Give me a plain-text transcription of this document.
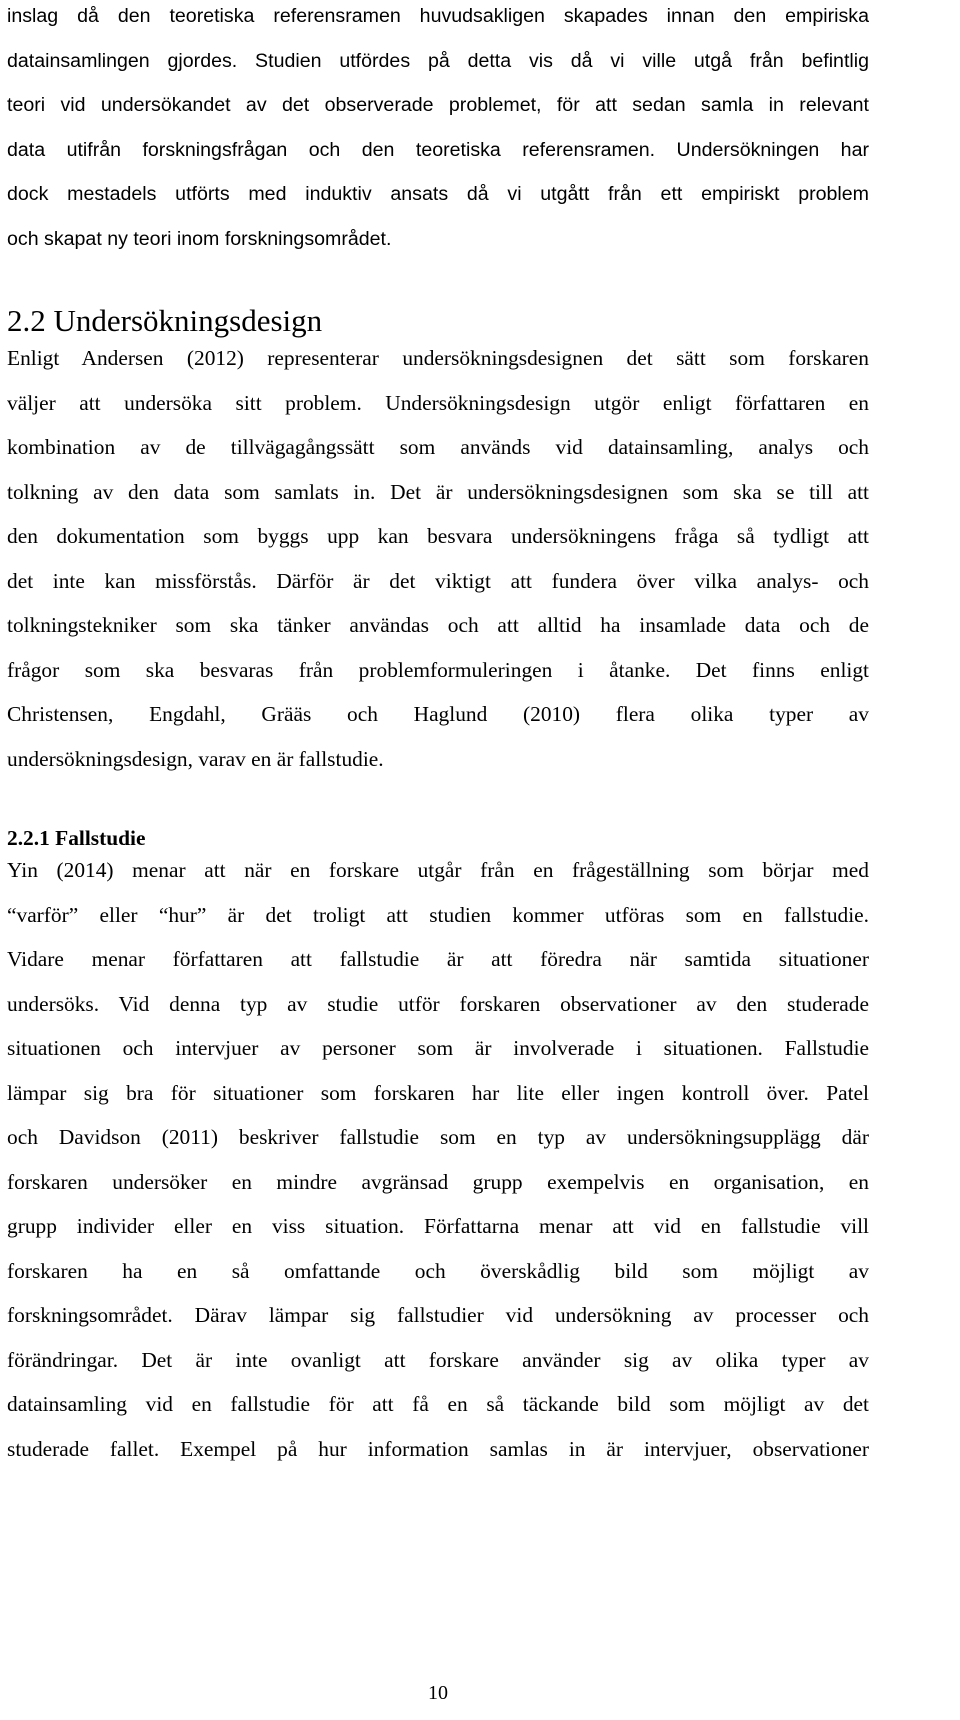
inslag då den teoretiska referensramen huvudsakligen skapades innan den empiriska
datainsamlingen gjordes. Studien utfördes på detta vis då vi ville utgå från befintlig
teori vid undersökandet av det observerade problemet, för att sedan samla in relevant
data utifrån forskningsfrågan och den teoretiska referensramen. Undersökningen har
dock mestadels utförts med induktiv ansats då vi utgått från ett empiriskt problem
och skapat ny teori inom forskningsområdet.
2.2 Undersökningsdesign
Enligt Andersen (2012) representerar undersökningsdesignen det sätt som forskaren
väljer att undersöka sitt problem. Undersökningsdesign utgör enligt författaren en
kombination av de tillvägagångssätt som används vid datainsamling, analys och
tolkning av den data som samlats in. Det är undersökningsdesignen som ska se till att
den dokumentation som byggs upp kan besvara undersökningens fråga så tydligt att
det inte kan missförstås. Därför är det viktigt att fundera över vilka analys- och
tolkningstekniker som ska tänker användas och att alltid ha insamlade data och de
frågor som ska besvaras från problemformuleringen i åtanke. Det finns enligt
Christensen, Engdahl, Grääs och Haglund (2010) flera olika typer av
undersökningsdesign, varav en är fallstudie.
2.2.1 Fallstudie
Yin (2014) menar att när en forskare utgår från en frågeställning som börjar med
“varför” eller “hur” är det troligt att studien kommer utföras som en fallstudie.
Vidare menar författaren att fallstudie är att föredra när samtida situationer
undersöks. Vid denna typ av studie utför forskaren observationer av den studerade
situationen och intervjuer av personer som är involverade i situationen. Fallstudie
lämpar sig bra för situationer som forskaren har lite eller ingen kontroll över. Patel
och Davidson (2011) beskriver fallstudie som en typ av undersökningsupplägg där
forskaren undersöker en mindre avgränsad grupp exempelvis en organisation, en
grupp individer eller en viss situation. Författarna menar att vid en fallstudie vill
forskaren ha en så omfattande och överskådlig bild som möjligt av
forskningsområdet. Därav lämpar sig fallstudier vid undersökning av processer och
förändringar. Det är inte ovanligt att forskare använder sig av olika typer av
datainsamling vid en fallstudie för att få en så täckande bild som möjligt av det
studerade fallet. Exempel på hur information samlas in är intervjuer, observationer
10
